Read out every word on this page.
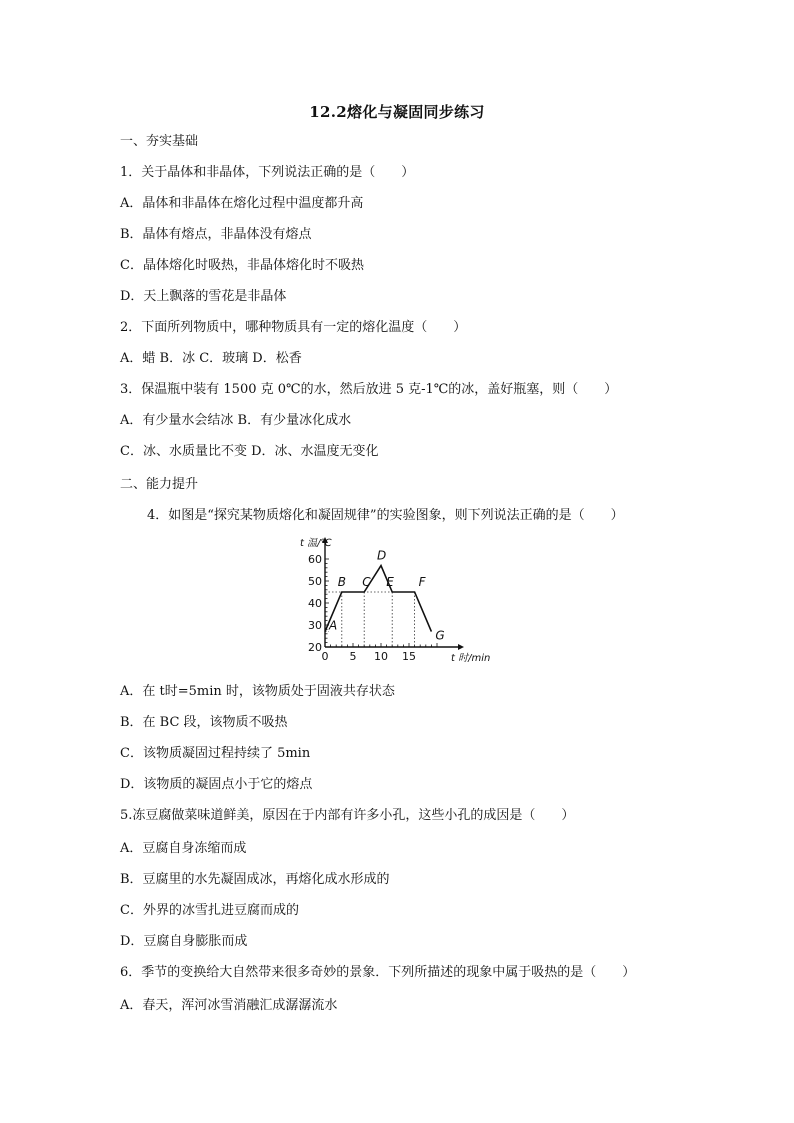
12.2熔化与凝固同步练习
一、夯实基础
1．关于晶体和非晶体，下列说法正确的是（　　）
A．晶体和非晶体在熔化过程中温度都升高
B．晶体有熔点，非晶体没有熔点
C．晶体熔化时吸热，非晶体熔化时不吸热
D．天上飘落的雪花是非晶体
2．下面所列物质中，哪种物质具有一定的熔化温度（　　）
A．蜡 B．冰 C．玻璃 D．松香
3．保温瓶中装有 1500 克 0℃的水，然后放进 5 克-1℃的冰，盖好瓶塞，则（　　）
A．有少量水会结冰 B．有少量冰化成水
C．冰、水质量比不变 D．冰、水温度无变化
二、能力提升
4．如图是“探究某物质熔化和凝固规律”的实验图象，则下列说法正确的是（　　）
20
30
40
50
60
0 5 10 15
t 温/℃
t 时/min
A
B C
D
E F
G
A．在 t时=5min 时，该物质处于固液共存状态
B．在 BC 段，该物质不吸热
C．该物质凝固过程持续了 5min
D．该物质的凝固点小于它的熔点
5.冻豆腐做菜味道鲜美，原因在于内部有许多小孔，这些小孔的成因是（　　）
A．豆腐自身冻缩而成
B．豆腐里的水先凝固成冰，再熔化成水形成的
C．外界的冰雪扎进豆腐而成的
D．豆腐自身膨胀而成
6．季节的变换给大自然带来很多奇妙的景象．下列所描述的现象中属于吸热的是（　　）
A．春天，浑河冰雪消融汇成潺潺流水
